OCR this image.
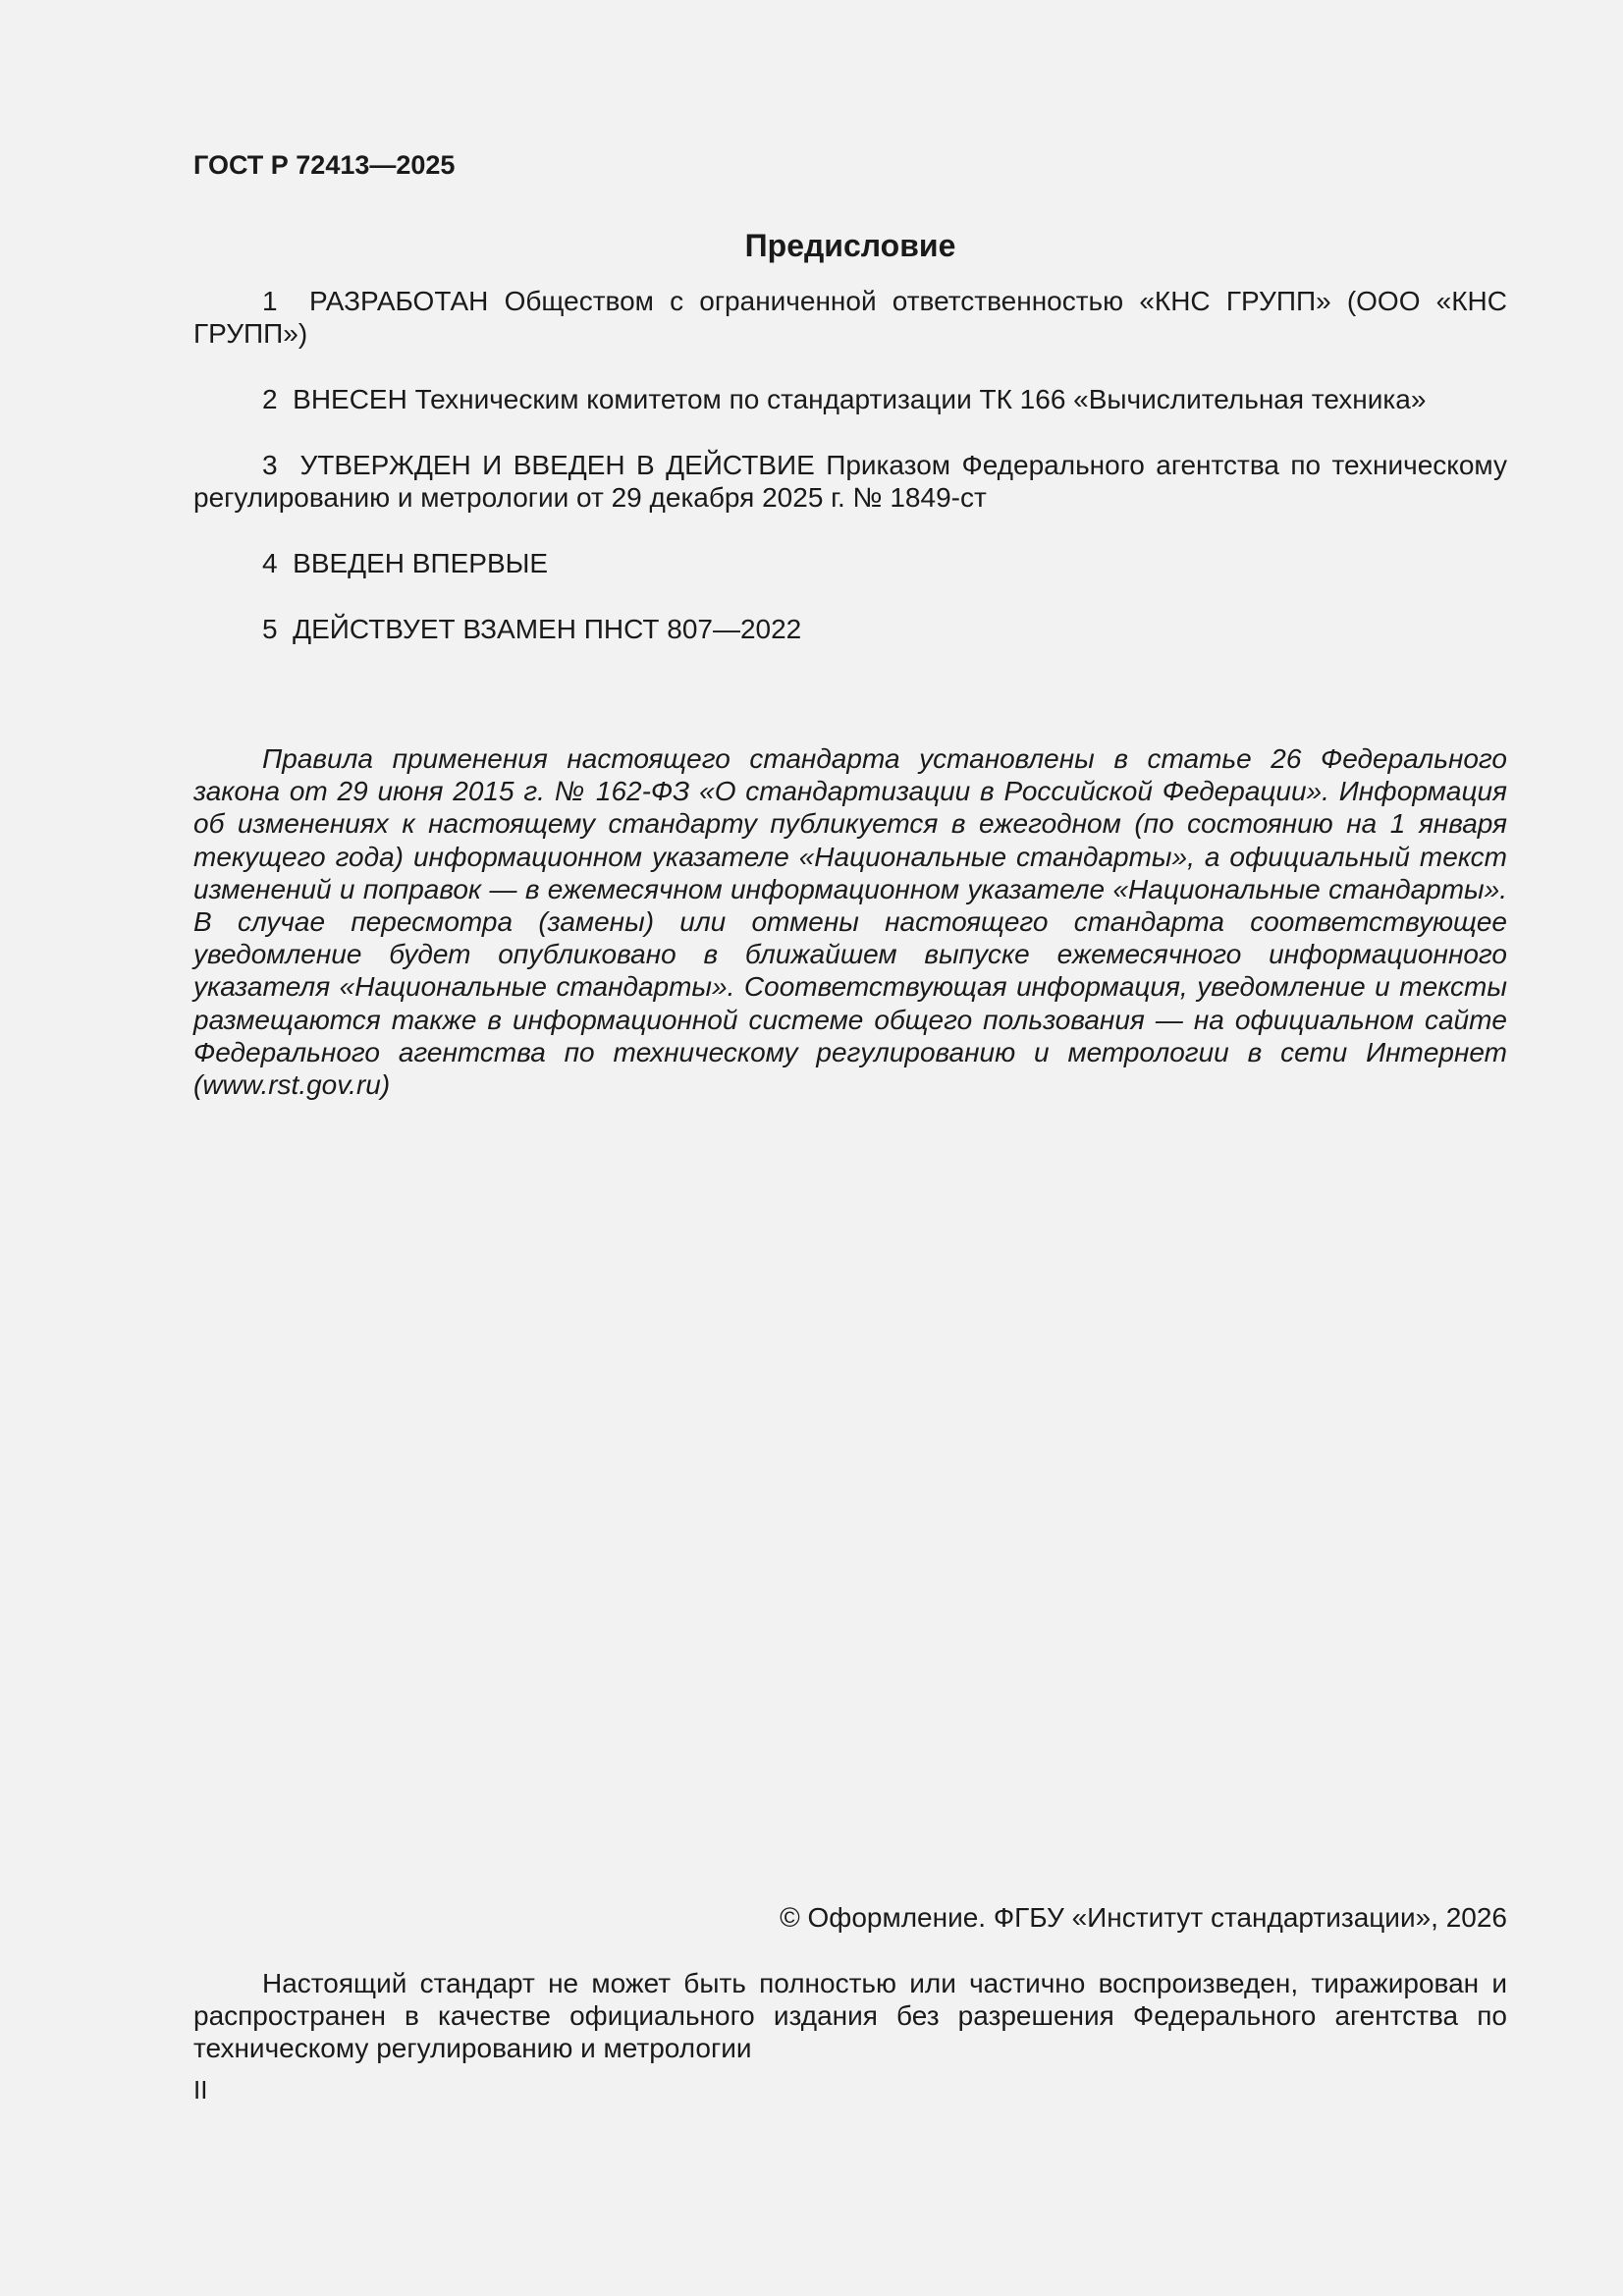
ГОСТ Р 72413—2025
Предисловие
1 РАЗРАБОТАН Обществом с ограниченной ответственностью «КНС ГРУПП» (ООО «КНС ГРУПП»)
2 ВНЕСЕН Техническим комитетом по стандартизации ТК 166 «Вычислительная техника»
3 УТВЕРЖДЕН И ВВЕДЕН В ДЕЙСТВИЕ Приказом Федерального агентства по техническому регулированию и метрологии от 29 декабря 2025 г. № 1849-ст
4 ВВЕДЕН ВПЕРВЫЕ
5 ДЕЙСТВУЕТ ВЗАМЕН ПНСТ 807—2022
Правила применения настоящего стандарта установлены в статье 26 Федерального закона от 29 июня 2015 г. № 162-ФЗ «О стандартизации в Российской Федерации». Информация об изменениях к настоящему стандарту публикуется в ежегодном (по состоянию на 1 января текущего года) информационном указателе «Национальные стандарты», а официальный текст изменений и поправок — в ежемесячном информационном указателе «Национальные стандарты». В случае пересмотра (замены) или отмены настоящего стандарта соответствующее уведомление будет опубликовано в ближайшем выпуске ежемесячного информационного указателя «Национальные стандарты». Соответствующая информация, уведомление и тексты размещаются также в информационной системе общего пользования — на официальном сайте Федерального агентства по техническому регулированию и метрологии в сети Интернет (www.rst.gov.ru)
© Оформление. ФГБУ «Институт стандартизации», 2026
Настоящий стандарт не может быть полностью или частично воспроизведен, тиражирован и распространен в качестве официального издания без разрешения Федерального агентства по техническому регулированию и метрологии
II
